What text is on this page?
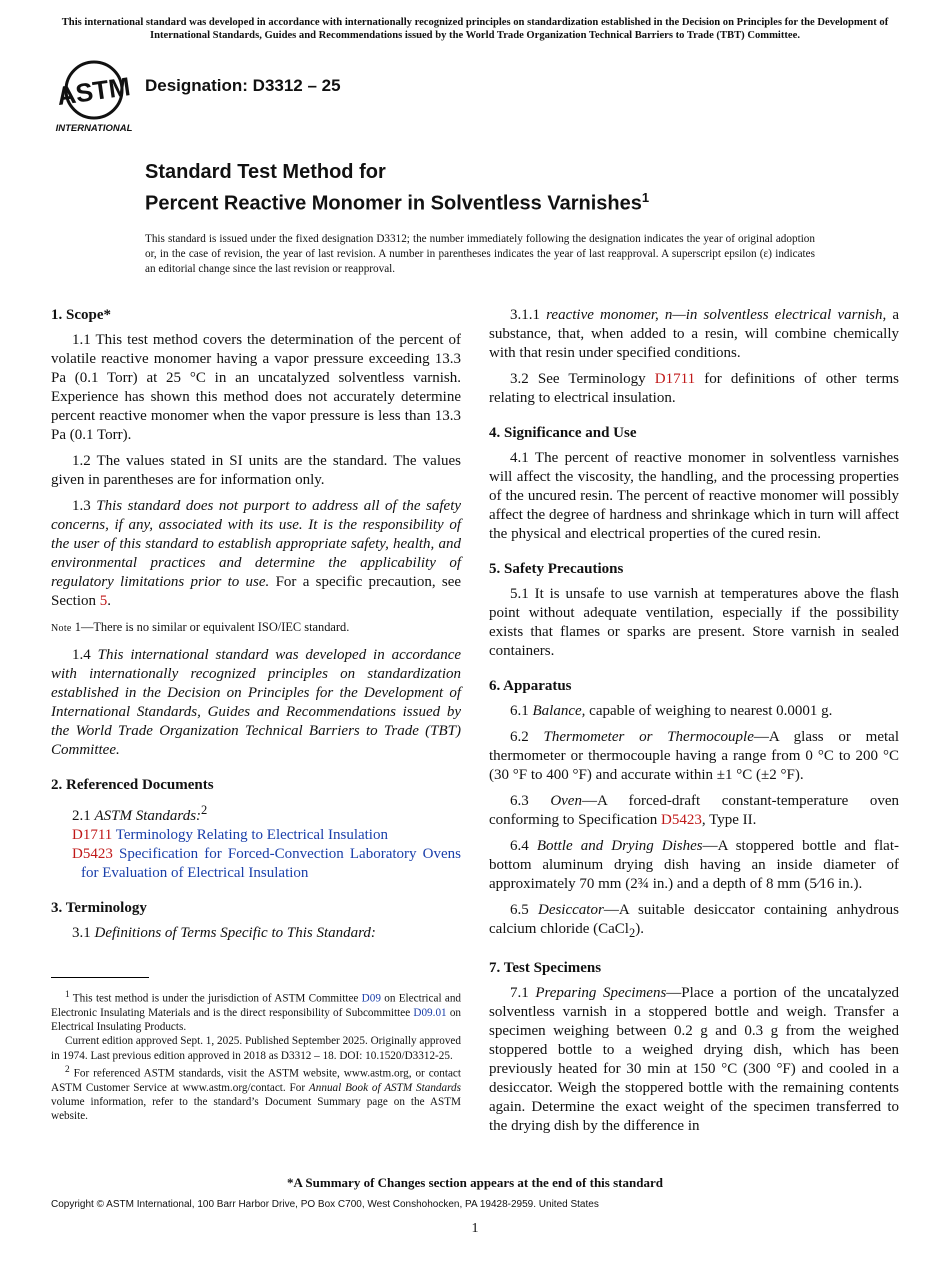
This international standard was developed in accordance with internationally recognized principles on standardization established in the Decision on Principles for the Development of International Standards, Guides and Recommendations issued by the World Trade Organization Technical Barriers to Trade (TBT) Committee.
ASTM
INTERNATIONAL
Designation: D3312 – 25
Standard Test Method for
Percent Reactive Monomer in Solventless Varnishes$^1$
This standard is issued under the fixed designation D3312; the number immediately following the designation indicates the year of original adoption or, in the case of revision, the year of last revision. A number in parentheses indicates the year of last reapproval. A superscript epsilon (ε) indicates an editorial change since the last revision or reapproval.
1. Scope*

1.1 This test method covers the determination of the percent of volatile reactive monomer having a vapor pressure exceeding 13.3 Pa (0.1 Torr) at 25 °C in an uncatalyzed solventless varnish. Experience has shown this method does not accurately determine percent reactive monomer when the vapor pressure is less than 13.3 Pa (0.1 Torr).

1.2 The values stated in SI units are the standard. The values given in parentheses are for information only.

1.3 This standard does not purport to address all of the safety concerns, if any, associated with its use. It is the responsibility of the user of this standard to establish appropriate safety, health, and environmental practices and determine the applicability of regulatory limitations prior to use. For a specific precaution, see Section 5.

Note 1—There is no similar or equivalent ISO/IEC standard.

1.4 This international standard was developed in accordance with internationally recognized principles on standardization established in the Decision on Principles for the Development of International Standards, Guides and Recommendations issued by the World Trade Organization Technical Barriers to Trade (TBT) Committee.

2. Referenced Documents

2.1 ASTM Standards:$^2$

D1711 Terminology Relating to Electrical Insulation

D5423 Specification for Forced-Convection Laboratory Ovens for Evaluation of Electrical Insulation

3. Terminology

3.1 Definitions of Terms Specific to This Standard:

$^1$ This test method is under the jurisdiction of ASTM Committee D09 on Electrical and Electronic Insulating Materials and is the direct responsibility of Subcommittee D09.01 on Electrical Insulating Products.

Current edition approved Sept. 1, 2025. Published September 2025. Originally approved in 1974. Last previous edition approved in 2018 as D3312 – 18. DOI: 10.1520/D3312-25.

$^2$ For referenced ASTM standards, visit the ASTM website, www.astm.org, or contact ASTM Customer Service at www.astm.org/contact. For Annual Book of ASTM Standards volume information, refer to the standard’s Document Summary page on the ASTM website.

3.1.1 reactive monomer, n—in solventless electrical varnish, a substance, that, when added to a resin, will combine chemically with that resin under specified conditions.

3.2 See Terminology D1711 for definitions of other terms relating to electrical insulation.

4. Significance and Use

4.1 The percent of reactive monomer in solventless varnishes will affect the viscosity, the handling, and the processing properties of the uncured resin. The percent of reactive monomer will possibly affect the degree of hardness and shrinkage which in turn will affect the physical and electrical properties of the cured resin.

5. Safety Precautions

5.1 It is unsafe to use varnish at temperatures above the flash point without adequate ventilation, especially if the possibility exists that flames or sparks are present. Store varnish in sealed containers.

6. Apparatus

6.1 Balance, capable of weighing to nearest 0.0001 g.

6.2 Thermometer or Thermocouple—A glass or metal thermometer or thermocouple having a range from 0 °C to 200 °C (30 °F to 400 °F) and accurate within ±1 °C (±2 °F).

6.3 Oven—A forced-draft constant-temperature oven conforming to Specification D5423, Type II.

6.4 Bottle and Drying Dishes—A stoppered bottle and flat-bottom aluminum drying dish having an inside diameter of approximately 70 mm (2¾ in.) and a depth of 8 mm (5⁄16 in.).

6.5 Desiccator—A suitable desiccator containing anhydrous calcium chloride (CaCl$_2$).

7. Test Specimens

7.1 Preparing Specimens—Place a portion of the uncatalyzed solventless varnish in a stoppered bottle and weigh. Transfer a specimen weighing between 0.2 g and 0.3 g from the weighed stoppered bottle to a weighed drying dish, which has been previously heated for 30 min at 150 °C (300 °F) and cooled in a desiccator. Weigh the stoppered bottle with the remaining contents again. Determine the exact weight of the specimen transferred to the drying dish by the difference in

*A Summary of Changes section appears at the end of this standard
Copyright © ASTM International, 100 Barr Harbor Drive, PO Box C700, West Conshohocken, PA 19428-2959. United States
1
